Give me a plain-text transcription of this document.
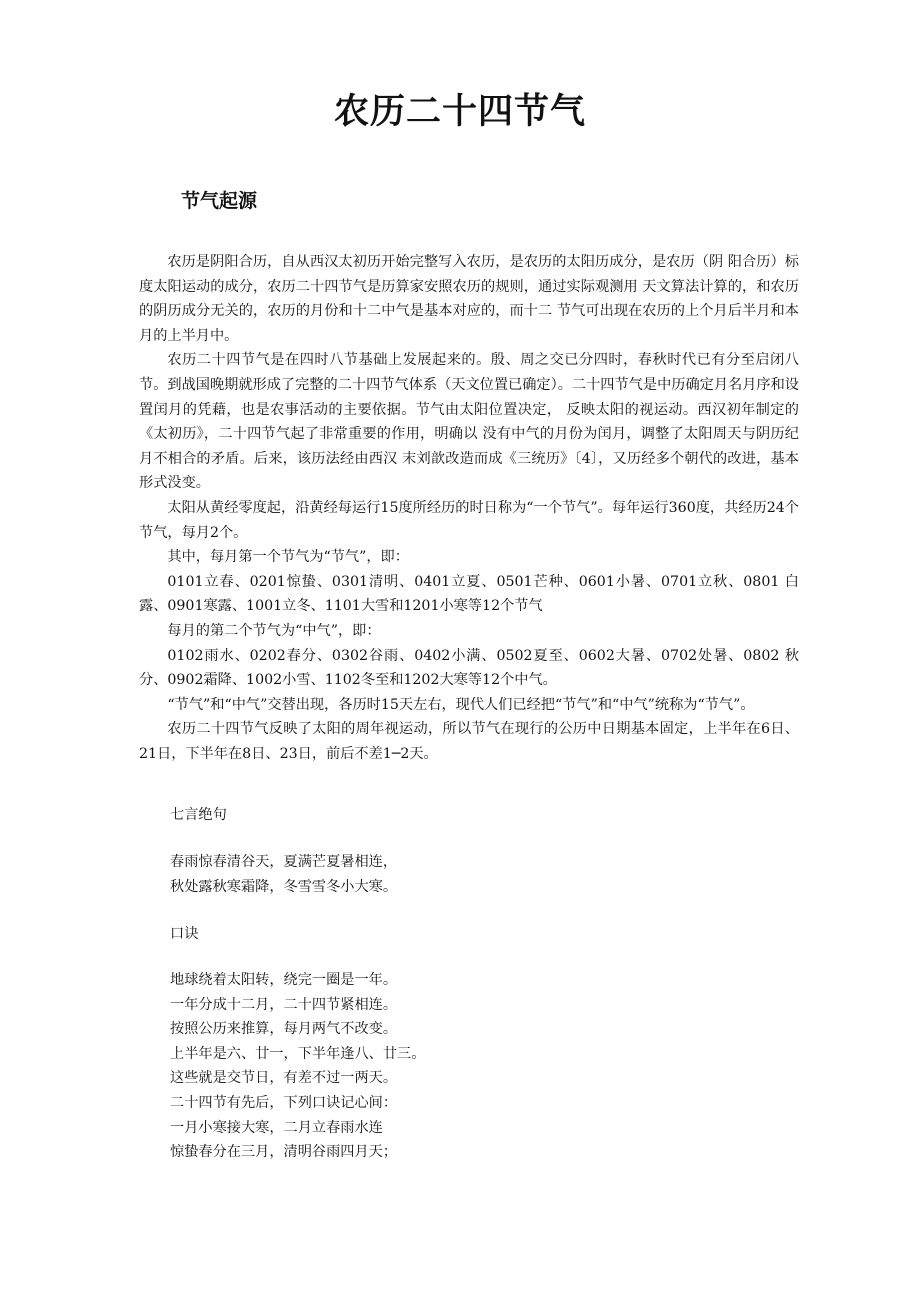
农历二十四节气
节气起源

农历是阴阳合历，自从西汉太初历开始完整写入农历，是农历的太阳历成分，是农历（阴 阳合历）标度太阳运动的成分，农历二十四节气是历算家安照农历的规则，通过实际观测用 天文算法计算的，和农历的阴历成分无关的，农历的月份和十二中气是基本对应的，而十二 节气可出现在农历的上个月后半月和本月的上半月中。

农历二十四节气是在四时八节基础上发展起来的。殷、周之交已分四时，春秋时代已有分至启闭八节。到战国晚期就形成了完整的二十四节气体系（天文位置已确定）。二十四节气是中历确定月名月序和设置闰月的凭藉，也是农事活动的主要依据。节气由太阳位置决定， 反映太阳的视运动。西汉初年制定的《太初历》，二十四节气起了非常重要的作用，明确以 没有中气的月份为闰月，调整了太阳周天与阴历纪月不相合的矛盾。后来，该历法经由西汉 末刘歆改造而成《三统历》〔4〕，又历经多个朝代的改进，基本形式没变。

太阳从黄经零度起，沿黄经每运行15度所经历的时日称为“一个节气”。每年运行360度，共经历24个节气，每月2个。

其中，每月第一个节气为“节气”，即：

0101立春、0201惊蛰、0301清明、0401立夏、0501芒种、0601小暑、0701立秋、0801 白露、0901寒露、1001立冬、1101大雪和1201小寒等12个节气

每月的第二个节气为“中气”，即：

0102雨水、0202春分、0302谷雨、0402小满、0502夏至、0602大暑、0702处暑、0802 秋分、0902霜降、1002小雪、1102冬至和1202大寒等12个中气。

“节气”和“中气”交替出现，各历时15天左右，现代人们已经把“节气”和“中气”统称为“节气”。

农历二十四节气反映了太阳的周年视运动，所以节气在现行的公历中日期基本固定，上半年在6日、21日，下半年在8日、23日，前后不差1─2天。

七言绝句

春雨惊春清谷天，夏满芒夏暑相连，
秋处露秋寒霜降，冬雪雪冬小大寒。

口诀

地球绕着太阳转，绕完一圈是一年。
一年分成十二月，二十四节紧相连。
按照公历来推算，每月两气不改变。
上半年是六、廿一，下半年逢八、廿三。
这些就是交节日，有差不过一两天。
二十四节有先后，下列口诀记心间：
一月小寒接大寒，二月立春雨水连
惊蛰春分在三月，清明谷雨四月天；
